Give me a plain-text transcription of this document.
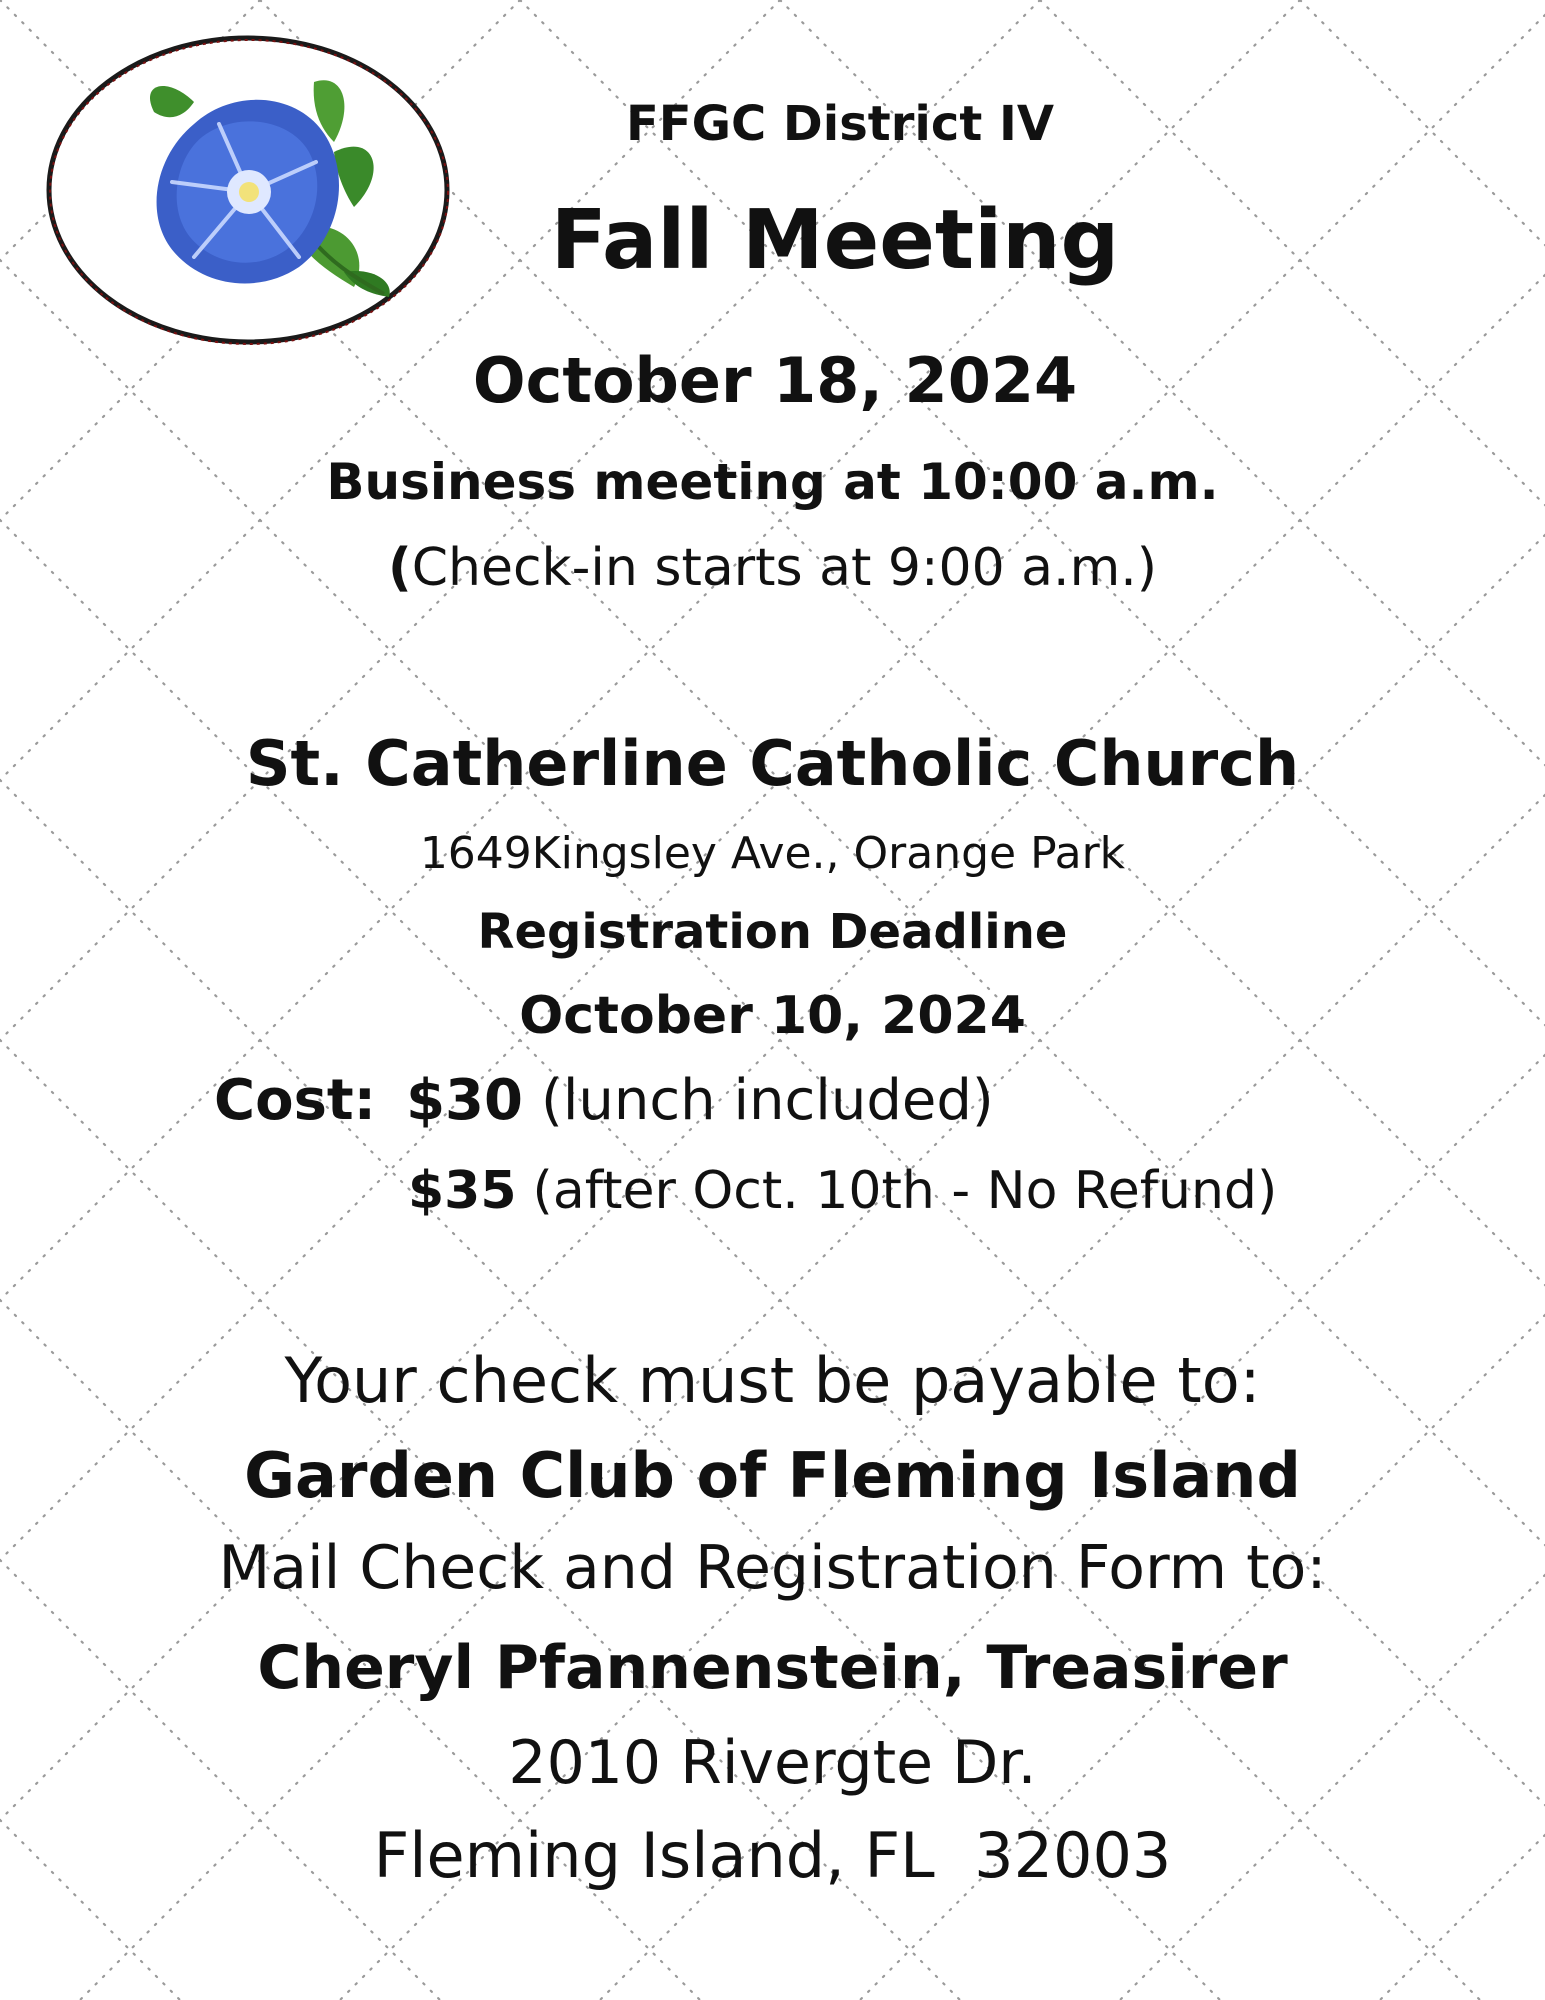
FFGC District IV
Fall Meeting
October 18, 2024
Business meeting at 10:00 a.m.
(Check-in starts at 9:00 a.m.)
St. Catherline Catholic Church
1649Kingsley Ave., Orange Park
Registration Deadline
October 10, 2024
Cost: $30 (lunch included)
$35 (after Oct. 10th - No Refund)
Your check must be payable to:
Garden Club of Fleming Island
Mail Check and Registration Form to:
Cheryl Pfannenstein, Treasirer
2010 Rivergte Dr.
Fleming Island, FL  32003
